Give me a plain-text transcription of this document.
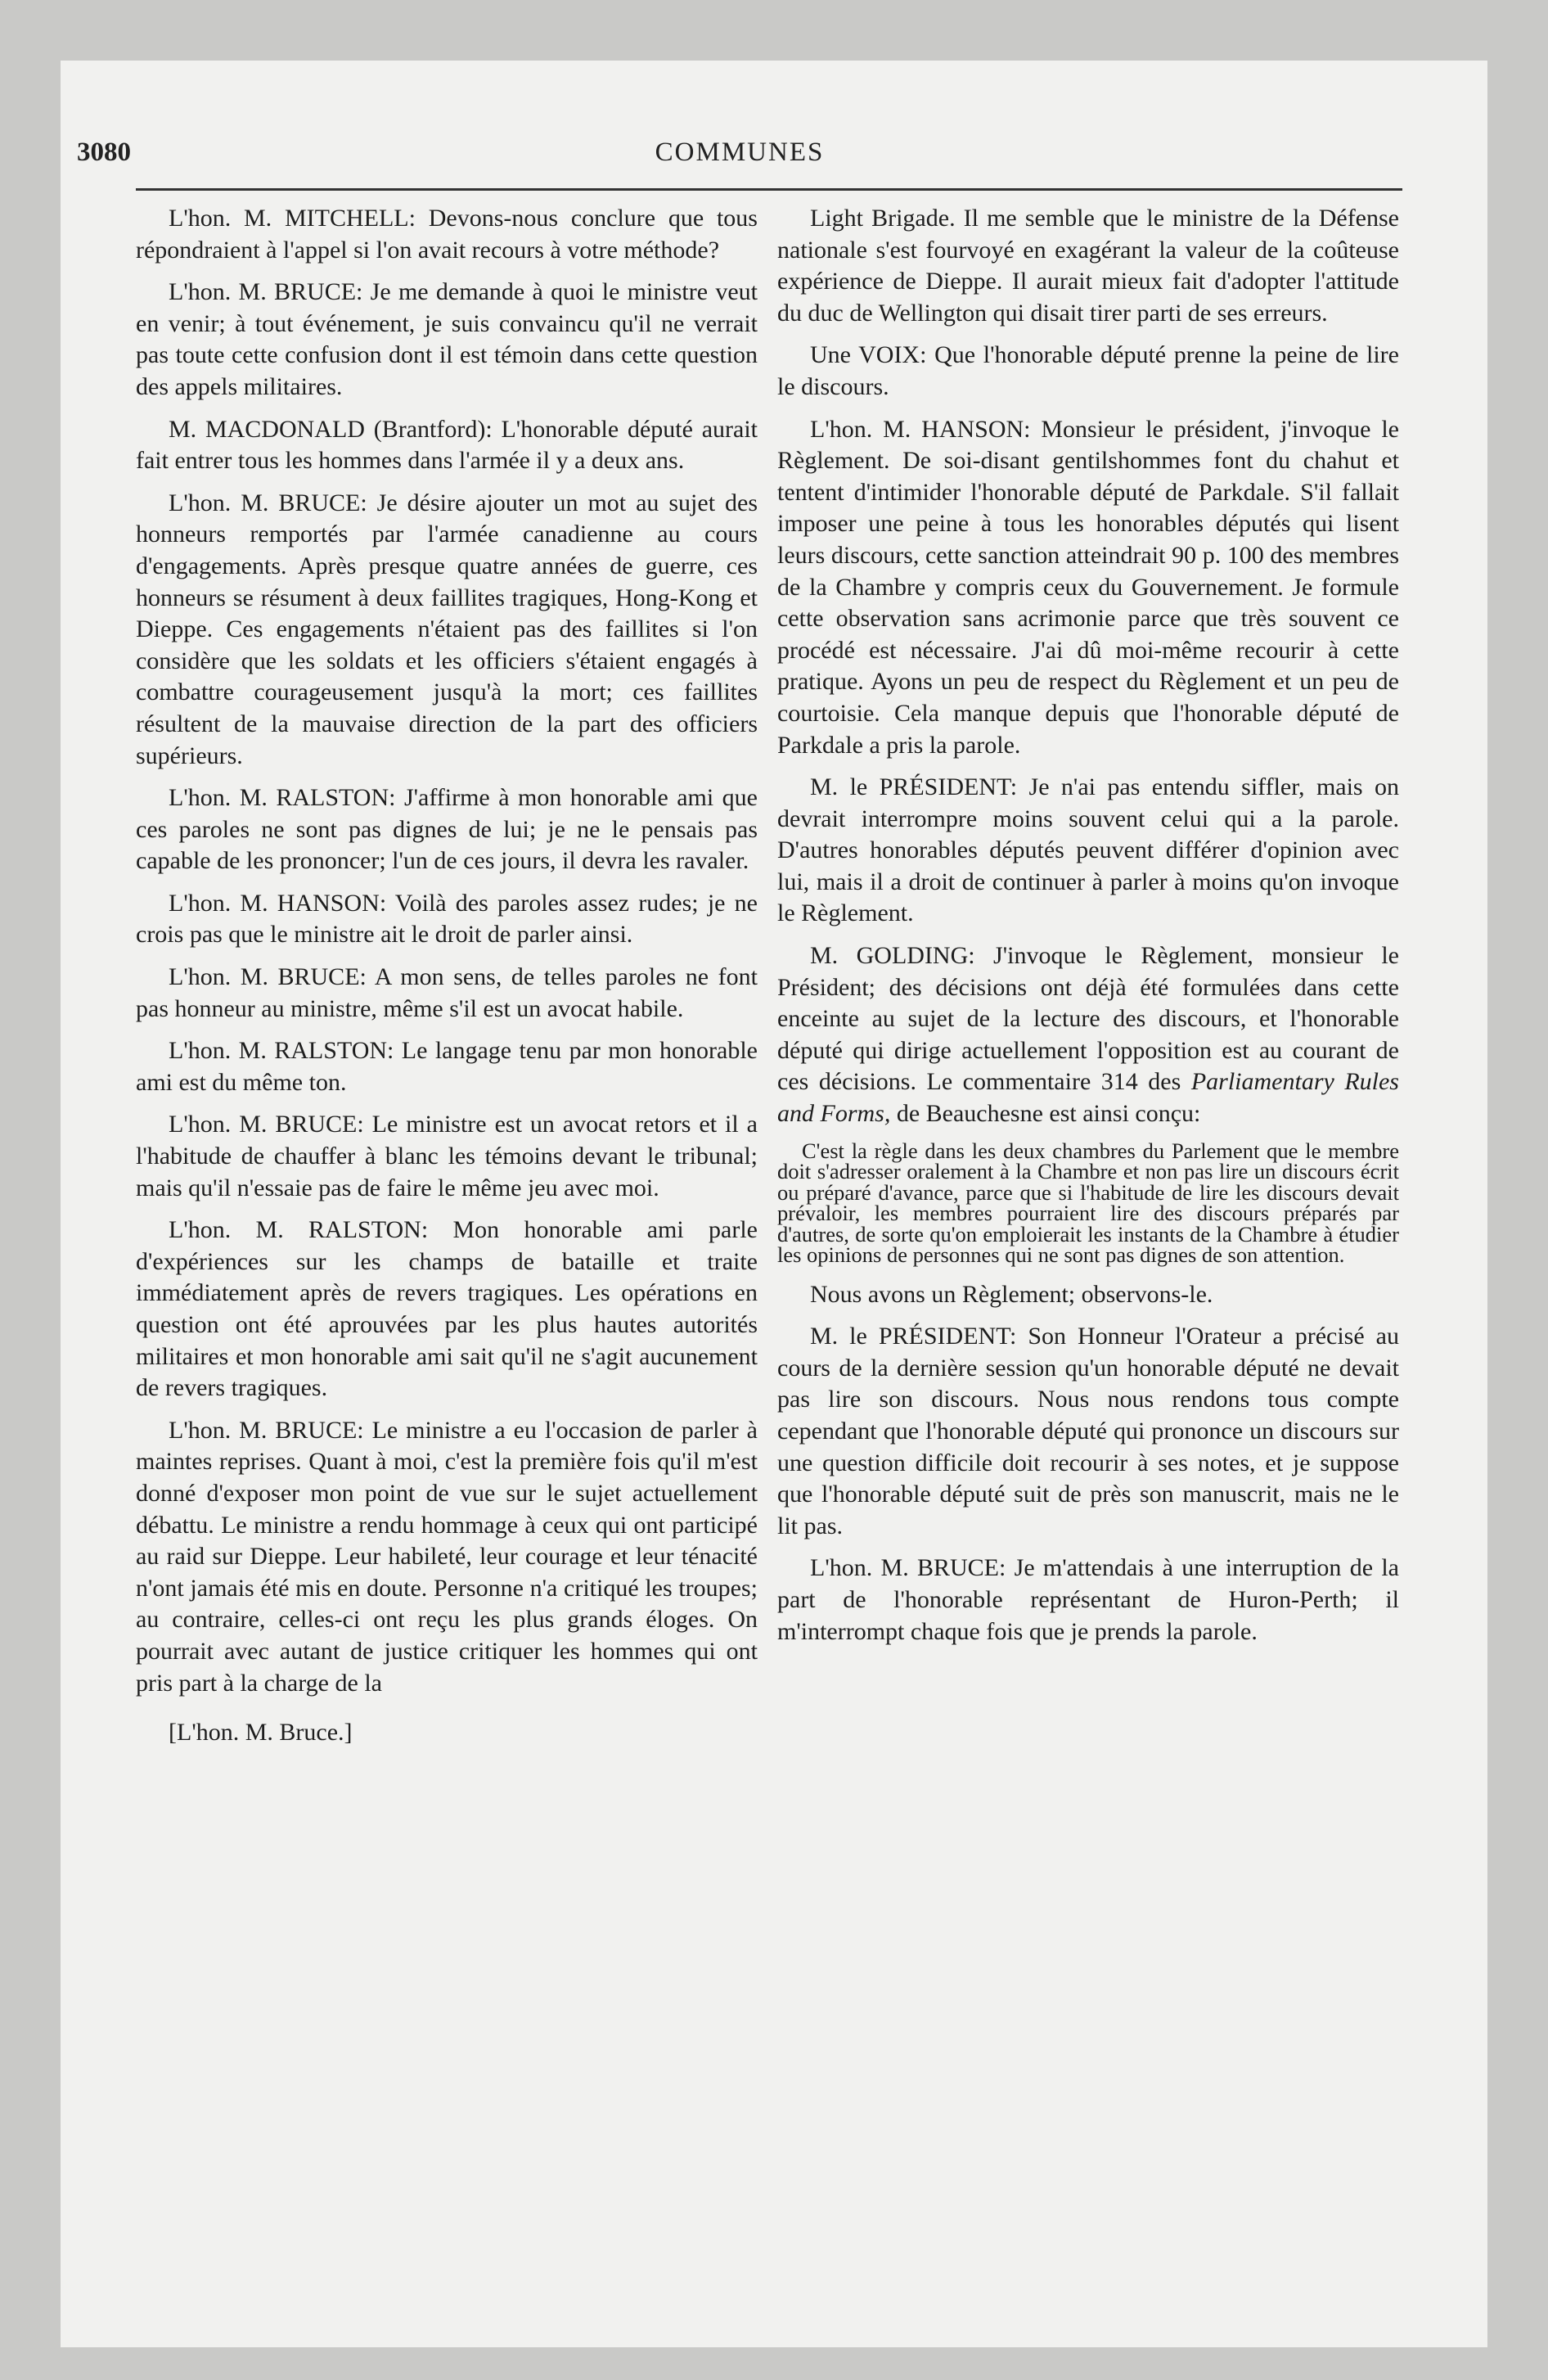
3080	COMMUNES

L'hon. M. MITCHELL: Devons-nous conclure que tous répondraient à l'appel si l'on avait recours à votre méthode?

L'hon. M. BRUCE: Je me demande à quoi le ministre veut en venir; à tout événement, je suis convaincu qu'il ne verrait pas toute cette confusion dont il est témoin dans cette question des appels militaires.

M. MACDONALD (Brantford): L'honorable député aurait fait entrer tous les hommes dans l'armée il y a deux ans.

L'hon. M. BRUCE: Je désire ajouter un mot au sujet des honneurs remportés par l'armée canadienne au cours d'engagements. Après presque quatre années de guerre, ces honneurs se résument à deux faillites tragiques, Hong-Kong et Dieppe. Ces engagements n'étaient pas des faillites si l'on considère que les soldats et les officiers s'étaient engagés à combattre courageusement jusqu'à la mort; ces faillites résultent de la mauvaise direction de la part des officiers supérieurs.

L'hon. M. RALSTON: J'affirme à mon honorable ami que ces paroles ne sont pas dignes de lui; je ne le pensais pas capable de les prononcer; l'un de ces jours, il devra les ravaler.

L'hon. M. HANSON: Voilà des paroles assez rudes; je ne crois pas que le ministre ait le droit de parler ainsi.

L'hon. M. BRUCE: A mon sens, de telles paroles ne font pas honneur au ministre, même s'il est un avocat habile.

L'hon. M. RALSTON: Le langage tenu par mon honorable ami est du même ton.

L'hon. M. BRUCE: Le ministre est un avocat retors et il a l'habitude de chauffer à blanc les témoins devant le tribunal; mais qu'il n'essaie pas de faire le même jeu avec moi.

L'hon. M. RALSTON: Mon honorable ami parle d'expériences sur les champs de bataille et traite immédiatement après de revers tragiques. Les opérations en question ont été aprouvées par les plus hautes autorités militaires et mon honorable ami sait qu'il ne s'agit aucunement de revers tragiques.

L'hon. M. BRUCE: Le ministre a eu l'occasion de parler à maintes reprises. Quant à moi, c'est la première fois qu'il m'est donné d'exposer mon point de vue sur le sujet actuellement débattu. Le ministre a rendu hommage à ceux qui ont participé au raid sur Dieppe. Leur habileté, leur courage et leur ténacité n'ont jamais été mis en doute. Personne n'a critiqué les troupes; au contraire, celles-ci ont reçu les plus grands éloges. On pourrait avec autant de justice critiquer les hommes qui ont pris part à la charge de la

[L'hon. M. Bruce.]

Light Brigade. Il me semble que le ministre de la Défense nationale s'est fourvoyé en exagérant la valeur de la coûteuse expérience de Dieppe. Il aurait mieux fait d'adopter l'attitude du duc de Wellington qui disait tirer parti de ses erreurs.

Une VOIX: Que l'honorable député prenne la peine de lire le discours.

L'hon. M. HANSON: Monsieur le président, j'invoque le Règlement. De soi-disant gentilshommes font du chahut et tentent d'intimider l'honorable député de Parkdale. S'il fallait imposer une peine à tous les honorables députés qui lisent leurs discours, cette sanction atteindrait 90 p. 100 des membres de la Chambre y compris ceux du Gouvernement. Je formule cette observation sans acrimonie parce que très souvent ce procédé est nécessaire. J'ai dû moi-même recourir à cette pratique. Ayons un peu de respect du Règlement et un peu de courtoisie. Cela manque depuis que l'honorable député de Parkdale a pris la parole.

M. le PRÉSIDENT: Je n'ai pas entendu siffler, mais on devrait interrompre moins souvent celui qui a la parole. D'autres honorables députés peuvent différer d'opinion avec lui, mais il a droit de continuer à parler à moins qu'on invoque le Règlement.

M. GOLDING: J'invoque le Règlement, monsieur le Président; des décisions ont déjà été formulées dans cette enceinte au sujet de la lecture des discours, et l'honorable député qui dirige actuellement l'opposition est au courant de ces décisions. Le commentaire 314 des Parliamentary Rules and Forms, de Beauchesne est ainsi conçu:

C'est la règle dans les deux chambres du Parlement que le membre doit s'adresser oralement à la Chambre et non pas lire un discours écrit ou préparé d'avance, parce que si l'habitude de lire les discours devait prévaloir, les membres pourraient lire des discours préparés par d'autres, de sorte qu'on emploierait les instants de la Chambre à étudier les opinions de personnes qui ne sont pas dignes de son attention.

Nous avons un Règlement; observons-le.

M. le PRÉSIDENT: Son Honneur l'Orateur a précisé au cours de la dernière session qu'un honorable député ne devait pas lire son discours. Nous nous rendons tous compte cependant que l'honorable député qui prononce un discours sur une question difficile doit recourir à ses notes, et je suppose que l'honorable député suit de près son manuscrit, mais ne le lit pas.

L'hon. M. BRUCE: Je m'attendais à une interruption de la part de l'honorable représentant de Huron-Perth; il m'interrompt chaque fois que je prends la parole.
